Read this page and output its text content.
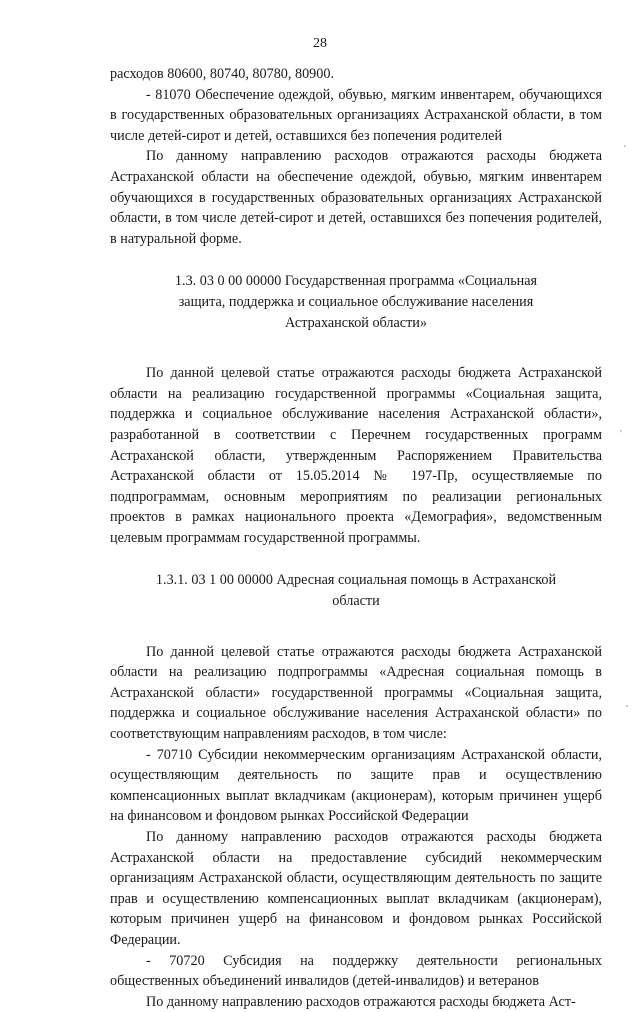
28

расходов 80600, 80740, 80780, 80900.

- 81070 Обеспечение одеждой, обувью, мягким инвентарем, обучающихся в государственных образовательных организациях Астраханской области, в том числе детей-сирот и детей, оставшихся без попечения родителей

По данному направлению расходов отражаются расходы бюджета Астраханской области на обеспечение одеждой, обувью, мягким инвентарем обучающихся в государственных образовательных организациях Астраханской области, в том числе детей-сирот и детей, оставшихся без попечения родителей, в натуральной форме.

1.3. 03 0 00 00000 Государственная программа «Социальная защита, поддержка и социальное обслуживание населения Астраханской области»

По данной целевой статье отражаются расходы бюджета Астраханской области на реализацию государственной программы «Социальная защита, поддержка и социальное обслуживание населения Астраханской области», разработанной в соответствии с Перечнем государственных программ Астраханской области, утвержденным Распоряжением Правительства Астраханской области от 15.05.2014 № 197-Пр, осуществляемые по подпрограммам, основным мероприятиям по реализации региональных проектов в рамках национального проекта «Демография», ведомственным целевым программам государственной программы.

1.3.1. 03 1 00 00000 Адресная социальная помощь в Астраханской области

По данной целевой статье отражаются расходы бюджета Астраханской области на реализацию подпрограммы «Адресная социальная помощь в Астраханской области» государственной программы «Социальная защита, поддержка и социальное обслуживание населения Астраханской области» по соответствующим направлениям расходов, в том числе:

- 70710 Субсидии некоммерческим организациям Астраханской области, осуществляющим деятельность по защите прав и осуществлению компенсационных выплат вкладчикам (акционерам), которым причинен ущерб на финансовом и фондовом рынках Российской Федерации

По данному направлению расходов отражаются расходы бюджета Астраханской области на предоставление субсидий некоммерческим организациям Астраханской области, осуществляющим деятельность по защите прав и осуществлению компенсационных выплат вкладчикам (акционерам), которым причинен ущерб на финансовом и фондовом рынках Российской Федерации.

- 70720 Субсидия на поддержку деятельности региональных общественных объединений инвалидов (детей-инвалидов) и ветеранов

По данному направлению расходов отражаются расходы бюджета Аст-

'
'
'
